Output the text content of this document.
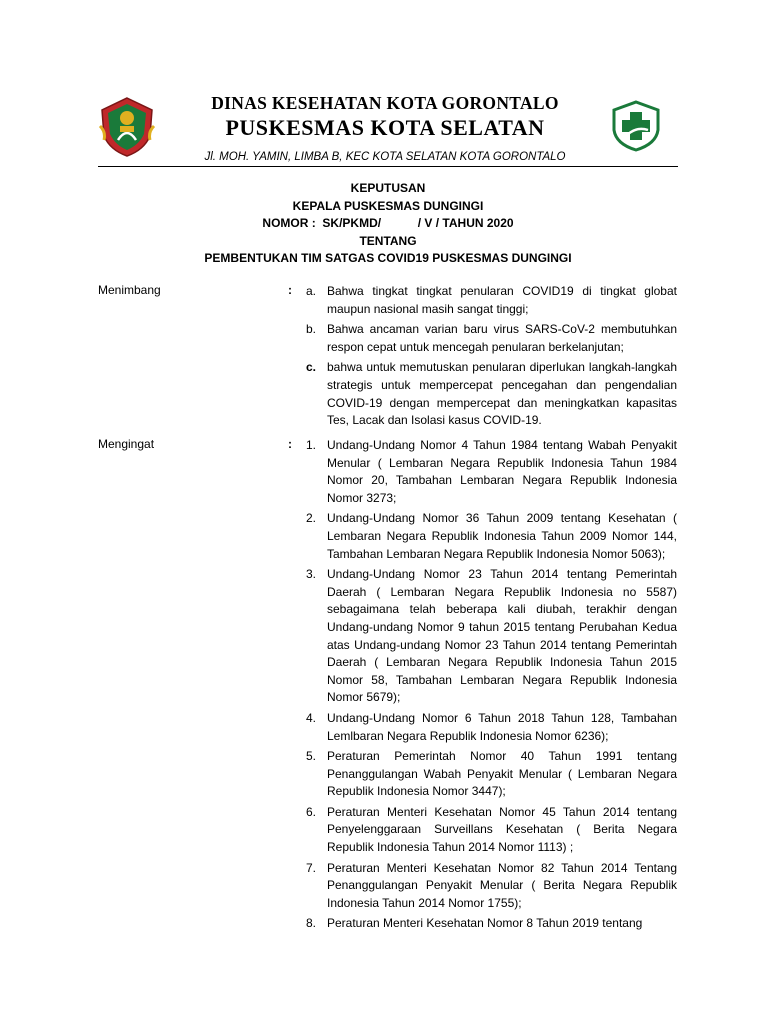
DINAS KESEHATAN KOTA GORONTALO
PUSKESMAS KOTA SELATAN
Jl. MOH. YAMIN, LIMBA B, KEC KOTA SELATAN KOTA GORONTALO
KEPUTUSAN
KEPALA PUSKESMAS DUNGINGI
NOMOR :  SK/PKMD/           / V / TAHUN 2020
TENTANG
PEMBENTUKAN TIM SATGAS COVID19 PUSKESMAS DUNGINGI
Menimbang	: a. Bahwa tingkat tingkat penularan COVID19 di tingkat globat maupun nasional masih sangat tinggi;
b. Bahwa ancaman varian baru virus SARS-CoV-2 membutuhkan respon cepat untuk mencegah penularan berkelanjutan;
c. bahwa untuk memutuskan penularan diperlukan langkah-langkah strategis untuk mempercepat pencegahan dan pengendalian COVID-19 dengan mempercepat dan meningkatkan kapasitas Tes, Lacak dan Isolasi kasus COVID-19.
Mengingat	: 1. Undang-Undang Nomor 4 Tahun 1984 tentang Wabah Penyakit Menular ( Lembaran Negara Republik Indonesia Tahun 1984 Nomor 20, Tambahan Lembaran Negara Republik Indonesia Nomor 3273;
2. Undang-Undang Nomor 36 Tahun 2009 tentang Kesehatan ( Lembaran Negara Republik Indonesia Tahun 2009 Nomor 144, Tambahan Lembaran Negara Republik Indonesia Nomor 5063);
3. Undang-Undang Nomor 23 Tahun 2014 tentang Pemerintah Daerah ( Lembaran Negara Republik Indonesia no 5587) sebagaimana telah beberapa kali diubah, terakhir dengan Undang-undang Nomor 9 tahun 2015 tentang Perubahan Kedua atas Undang-undang Nomor 23 Tahun 2014 tentang Pemerintah Daerah ( Lembaran Negara Republik Indonesia Tahun 2015 Nomor 58, Tambahan Lembaran Negara Republik Indonesia Nomor 5679);
4. Undang-Undang Nomor 6 Tahun 2018 Tahun 128, Tambahan Lemlbaran Negara Republik Indonesia Nomor 6236);
5. Peraturan Pemerintah Nomor 40 Tahun 1991 tentang Penanggulangan Wabah Penyakit Menular ( Lembaran Negara Republik Indonesia Nomor 3447);
6. Peraturan Menteri Kesehatan Nomor 45 Tahun 2014 tentang Penyelenggaraan Surveillans Kesehatan ( Berita Negara Republik Indonesia Tahun 2014 Nomor 1113) ;
7. Peraturan Menteri Kesehatan Nomor 82 Tahun 2014 Tentang Penanggulangan Penyakit Menular ( Berita Negara Republik Indonesia Tahun 2014 Nomor 1755);
8. Peraturan Menteri Kesehatan Nomor 8 Tahun 2019 tentang
